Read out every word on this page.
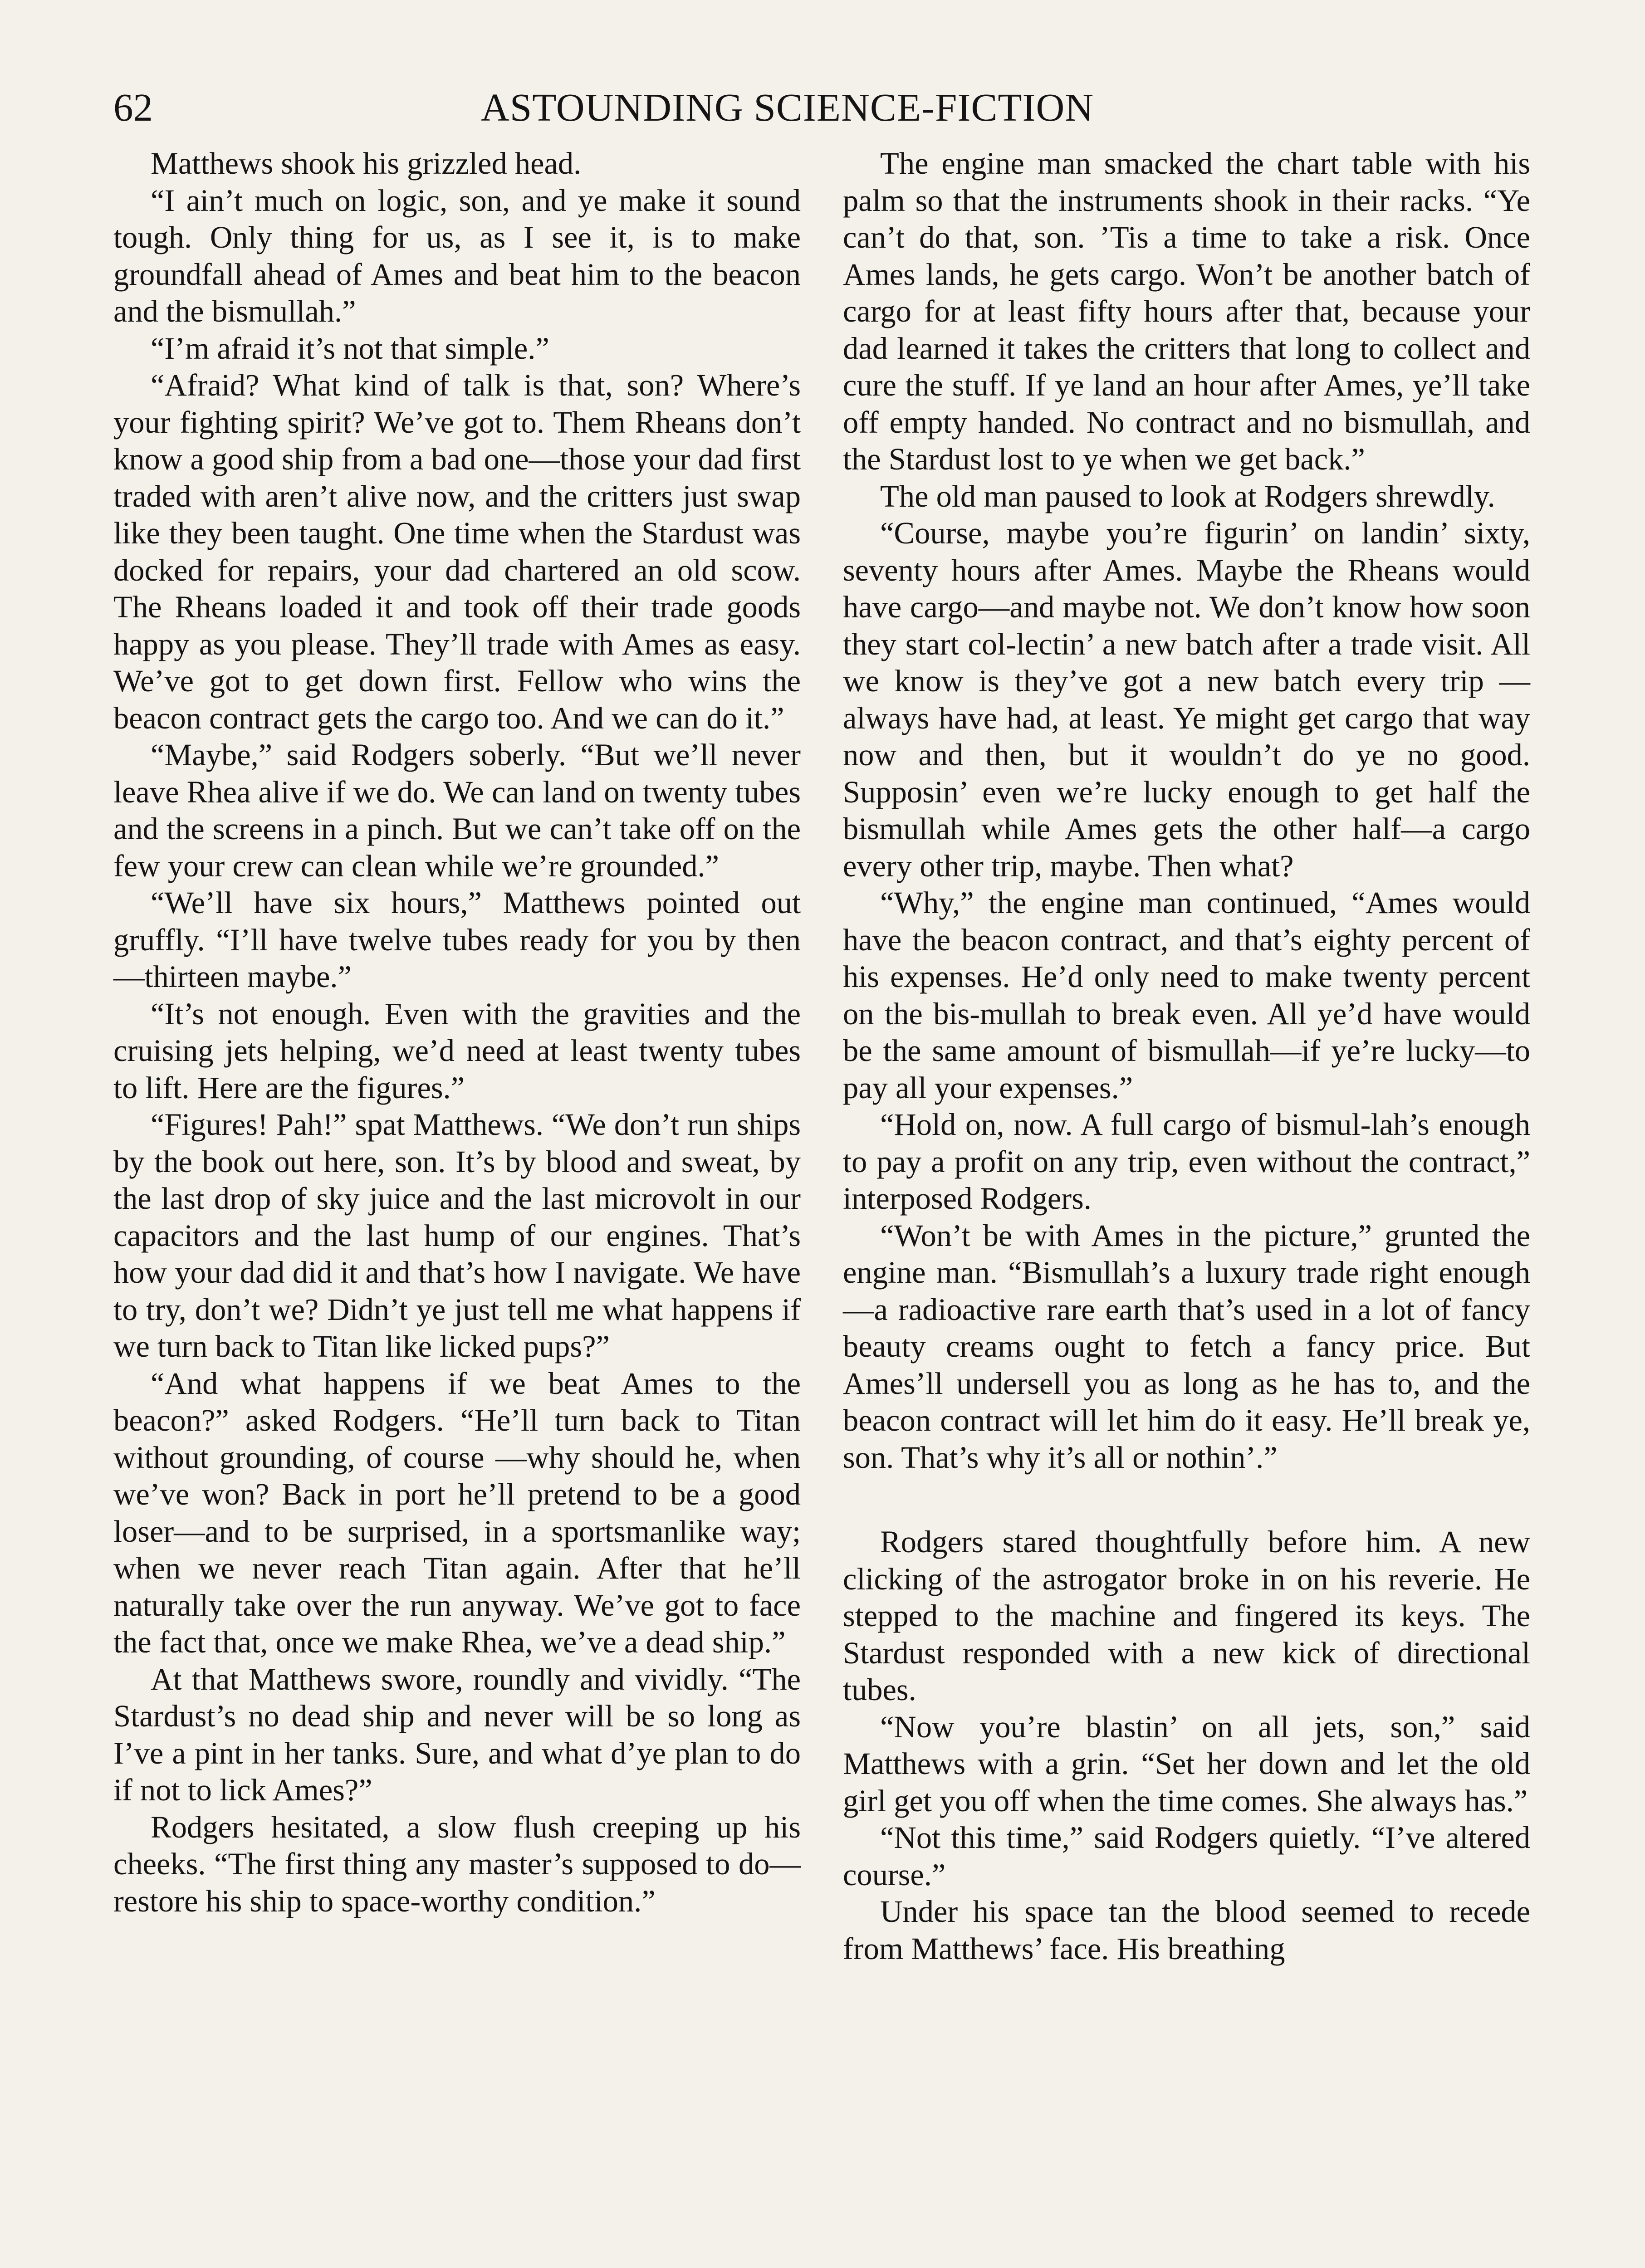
62	ASTOUNDING SCIENCE-FICTION

Matthews shook his grizzled head.

“I ain’t much on logic, son, and ye make it sound tough. Only thing for us, as I see it, is to make groundfall ahead of Ames and beat him to the beacon and the bismullah.”

“I’m afraid it’s not that simple.”

“Afraid? What kind of talk is that, son? Where’s your fighting spirit? We’ve got to. Them Rheans don’t know a good ship from a bad one—those your dad first traded with aren’t alive now, and the critters just swap like they been taught. One time when the Stardust was docked for repairs, your dad chartered an old scow. The Rheans loaded it and took off their trade goods happy as you please. They’ll trade with Ames as easy. We’ve got to get down first. Fellow who wins the beacon contract gets the cargo too. And we can do it.”

“Maybe,” said Rodgers soberly. “But we’ll never leave Rhea alive if we do. We can land on twenty tubes and the screens in a pinch. But we can’t take off on the few your crew can clean while we’re grounded.”

“We’ll have six hours,” Matthews pointed out gruffly. “I’ll have twelve tubes ready for you by then—thirteen maybe.”

“It’s not enough. Even with the gravities and the cruising jets helping, we’d need at least twenty tubes to lift. Here are the figures.”

“Figures! Pah!” spat Matthews. “We don’t run ships by the book out here, son. It’s by blood and sweat, by the last drop of sky juice and the last microvolt in our capacitors and the last hump of our engines. That’s how your dad did it and that’s how I navigate. We have to try, don’t we? Didn’t ye just tell me what happens if we turn back to Titan like licked pups?”

“And what happens if we beat Ames to the beacon?” asked Rodgers. “He’ll turn back to Titan without grounding, of course —why should he, when we’ve won? Back in port he’ll pretend to be a good loser—and to be surprised, in a sportsmanlike way; when we never reach Titan again. After that he’ll naturally take over the run anyway. We’ve got to face the fact that, once we make Rhea, we’ve a dead ship.”

At that Matthews swore, roundly and vividly. “The Stardust’s no dead ship and never will be so long as I’ve a pint in her tanks. Sure, and what d’ye plan to do if not to lick Ames?”

Rodgers hesitated, a slow flush creeping up his cheeks. “The first thing any master’s supposed to do—restore his ship to space-worthy condition.”

The engine man smacked the chart table with his palm so that the instruments shook in their racks. “Ye can’t do that, son. ’Tis a time to take a risk. Once Ames lands, he gets cargo. Won’t be another batch of cargo for at least fifty hours after that, because your dad learned it takes the critters that long to collect and cure the stuff. If ye land an hour after Ames, ye’ll take off empty handed. No contract and no bismullah, and the Stardust lost to ye when we get back.”

The old man paused to look at Rodgers shrewdly.

“Course, maybe you’re figurin’ on landin’ sixty, seventy hours after Ames. Maybe the Rheans would have cargo—and maybe not. We don’t know how soon they start col-lectin’ a new batch after a trade visit. All we know is they’ve got a new batch every trip —always have had, at least. Ye might get cargo that way now and then, but it wouldn’t do ye no good. Supposin’ even we’re lucky enough to get half the bismullah while Ames gets the other half—a cargo every other trip, maybe. Then what?

“Why,” the engine man continued, “Ames would have the beacon contract, and that’s eighty percent of his expenses. He’d only need to make twenty percent on the bis-mullah to break even. All ye’d have would be the same amount of bismullah—if ye’re lucky—to pay all your expenses.”

“Hold on, now. A full cargo of bismul-lah’s enough to pay a profit on any trip, even without the contract,” interposed Rodgers.

“Won’t be with Ames in the picture,” grunted the engine man. “Bismullah’s a luxury trade right enough—a radioactive rare earth that’s used in a lot of fancy beauty creams ought to fetch a fancy price. But Ames’ll undersell you as long as he has to, and the beacon contract will let him do it easy. He’ll break ye, son. That’s why it’s all or nothin’.”

Rodgers stared thoughtfully before him. A new clicking of the astrogator broke in on his reverie. He stepped to the machine and fingered its keys. The Stardust responded with a new kick of directional tubes.

“Now you’re blastin’ on all jets, son,” said Matthews with a grin. “Set her down and let the old girl get you off when the time comes. She always has.”

“Not this time,” said Rodgers quietly. “I’ve altered course.”

Under his space tan the blood seemed to recede from Matthews’ face. His breathing
